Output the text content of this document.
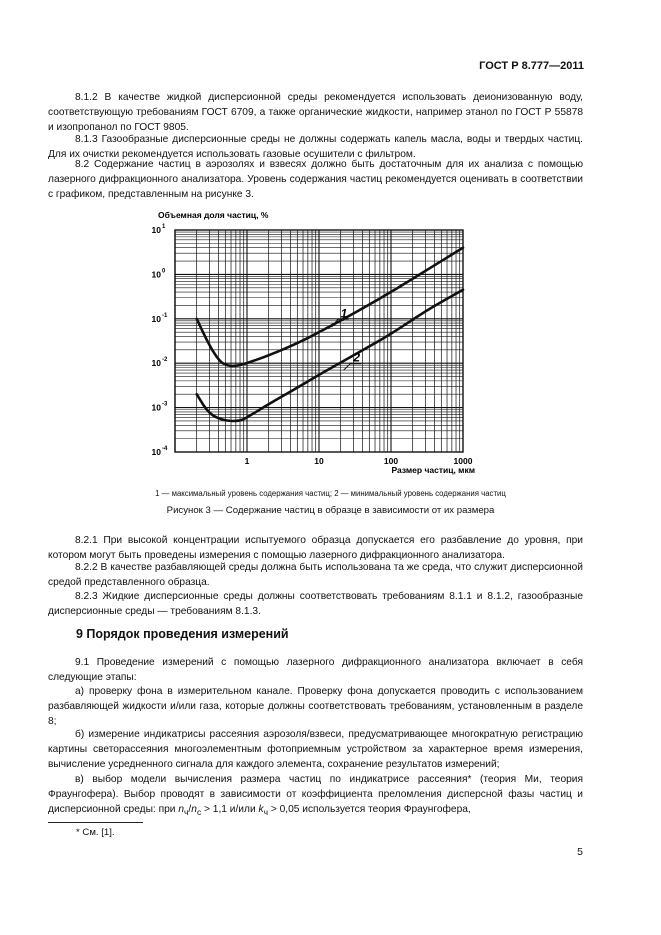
ГОСТ Р 8.777—2011

8.1.2 В качестве жидкой дисперсионной среды рекомендуется использовать деионизованную воду, соответствующую требованиям ГОСТ 6709, а также органические жидкости, например этанол по ГОСТ Р 55878 и изопропанол по ГОСТ 9805.

8.1.3 Газообразные дисперсионные среды не должны содержать капель масла, воды и твердых частиц. Для их очистки рекомендуется использовать газовые осушители с фильтром.

8.2 Содержание частиц в аэрозолях и взвесях должно быть достаточным для их анализа с помощью лазерного дифракционного анализатора. Уровень содержания частиц рекомендуется оценивать в соответствии с графиком, представленным на рисунке 3.

1	10	100	1000
10 1
10 0
10 -1
10 -2
10 -3
10 -4
1
2
Объемная доля частиц, %
Размер частиц, мкм
1 — максимальный уровень содержания частиц; 2 — минимальный уровень содержания частиц
Рисунок 3 — Содержание частиц в образце в зависимости от их размера

8.2.1 При высокой концентрации испытуемого образца допускается его разбавление до уровня, при котором могут быть проведены измерения с помощью лазерного дифракционного анализатора.

8.2.2 В качестве разбавляющей среды должна быть использована та же среда, что служит дисперсионной средой представленного образца.

8.2.3 Жидкие дисперсионные среды должны соответствовать требованиям 8.1.1 и 8.1.2, газообразные дисперсионные среды — требованиям 8.1.3.

9 Порядок проведения измерений

9.1 Проведение измерений с помощью лазерного дифракционного анализатора включает в себя следующие этапы:

а) проверку фона в измерительном канале. Проверку фона допускается проводить с использованием разбавляющей жидкости и/или газа, которые должны соответствовать требованиям, установленным в разделе 8;

б) измерение индикатрисы рассеяния аэрозоля/взвеси, предусматривающее многократную регистрацию картины светорассеяния многоэлементным фотоприемным устройством за характерное время измерения, вычисление усредненного сигнала для каждого элемента, сохранение результатов измерений;

в) выбор модели вычисления размера частиц по индикатрисе рассеяния* (теория Ми, теория Фраунгофера). Выбор проводят в зависимости от коэффициента преломления дисперсной фазы частиц и дисперсионной среды: при $n_ч/n_с > 1,1$ и/или $k_ч > 0,05$ используется теория Фраунгофера,

* См. [1].
5
